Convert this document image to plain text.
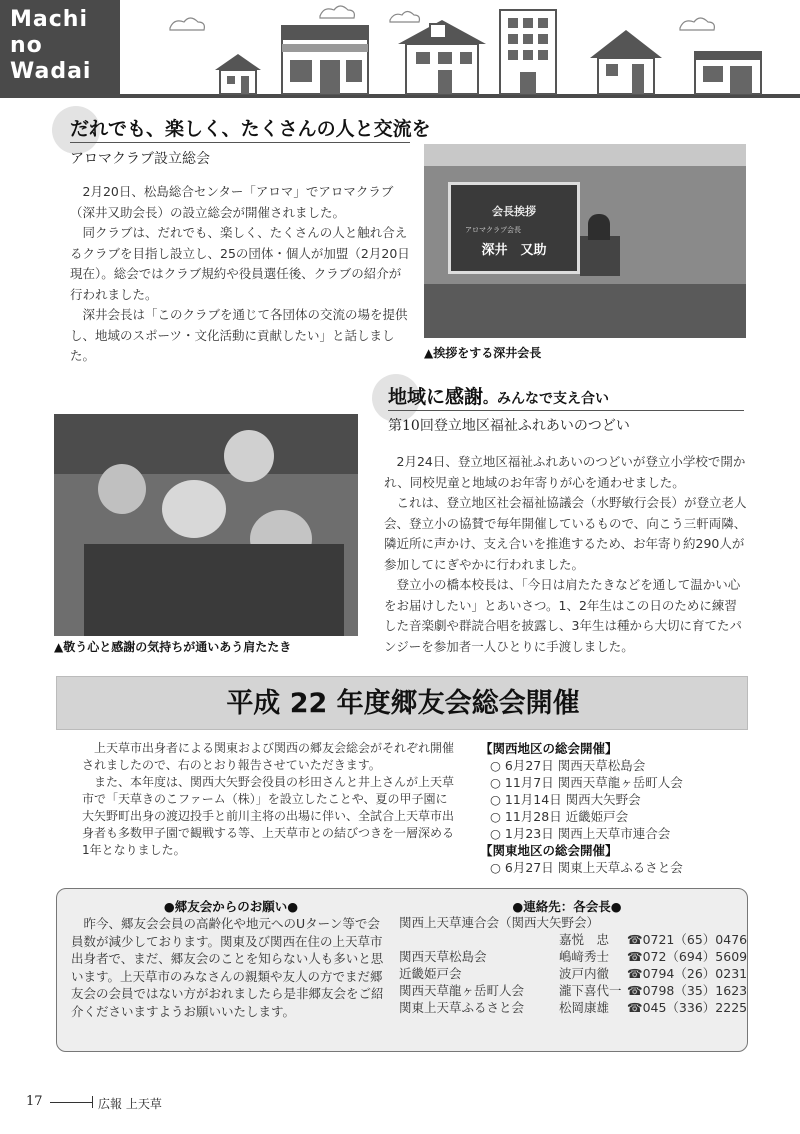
Machi
no
Wadai
だれでも、楽しく、たくさんの人と交流を
アロマクラブ設立総会

2月20日、松島総合センター「アロマ」でアロマクラブ（深井又助会長）の設立総会が開催されました。

同クラブは、だれでも、楽しく、たくさんの人と触れ合えるクラブを目指し設立し、25の団体・個人が加盟（2月20日現在）。総会ではクラブ規約や役員選任後、クラブの紹介が行われました。

深井会長は「このクラブを通じて各団体の交流の場を提供し、地域のスポーツ・文化活動に貢献したい」と話しました。

会長挨拶
アロマクラブ会長
深井　又助
▲挨拶をする深井会長
地域に感謝。みんなで支え合い
第10回登立地区福祉ふれあいのつどい
▲敬う心と感謝の気持ちが通いあう肩たたき

2月24日、登立地区福祉ふれあいのつどいが登立小学校で開かれ、同校児童と地域のお年寄りが心を通わせました。

これは、登立地区社会福祉協議会（水野敏行会長）が登立老人会、登立小の協賛で毎年開催しているもので、向こう三軒両隣、隣近所に声かけ、支え合いを推進するため、お年寄り約290人が参加してにぎやかに行われました。

登立小の橋本校長は、「今日は肩たたきなどを通して温かい心をお届けしたい」とあいさつ。1、2年生はこの日のために練習した音楽劇や群読合唱を披露し、3年生は種から大切に育てたパンジーを参加者一人ひとりに手渡しました。

平成 22 年度郷友会総会開催

上天草市出身者による関東および関西の郷友会総会がそれぞれ開催されましたので、右のとおり報告させていただきます。

また、本年度は、関西大矢野会役員の杉田さんと井上さんが上天草市で「天草きのこファーム（株）」を設立したことや、夏の甲子園に大矢野町出身の渡辺投手と前川主将の出場に伴い、全試合上天草市出身者も多数甲子園で観戦する等、上天草市との結びつきを一層深める1年となりました。

【関西地区の総会開催】
○ 6月27日 関西天草松島会
○ 11月7日 関西天草龍ヶ岳町人会
○ 11月14日 関西大矢野会
○ 11月28日 近畿姫戸会
○ 1月23日 関西上天草市連合会
【関東地区の総会開催】
○ 6月27日 関東上天草ふるさと会
●郷友会からのお願い●

昨今、郷友会会員の高齢化や地元へのUターン等で会員数が減少しております。関東及び関西在住の上天草市出身者で、まだ、郷友会のことを知らない人も多いと思います。上天草市のみなさんの親類や友人の方でまだ郷友会の会員ではない方がおれましたら是非郷友会をご紹介くださいますようお願いいたします。

●連絡先：各会長●
関西上天草連合会（関西大矢野会）
嘉悦　忠 ☎0721（65）0476
関西天草松島会	嶋﨑秀士 ☎072（694）5609
近畿姫戸会	波戸内徹 ☎0794（26）0231
関西天草龍ヶ岳町人会	瀧下喜代一 ☎0798（35）1623
関東上天草ふるさと会	松岡康雄 ☎045（336）2225
17	広報 上天草
